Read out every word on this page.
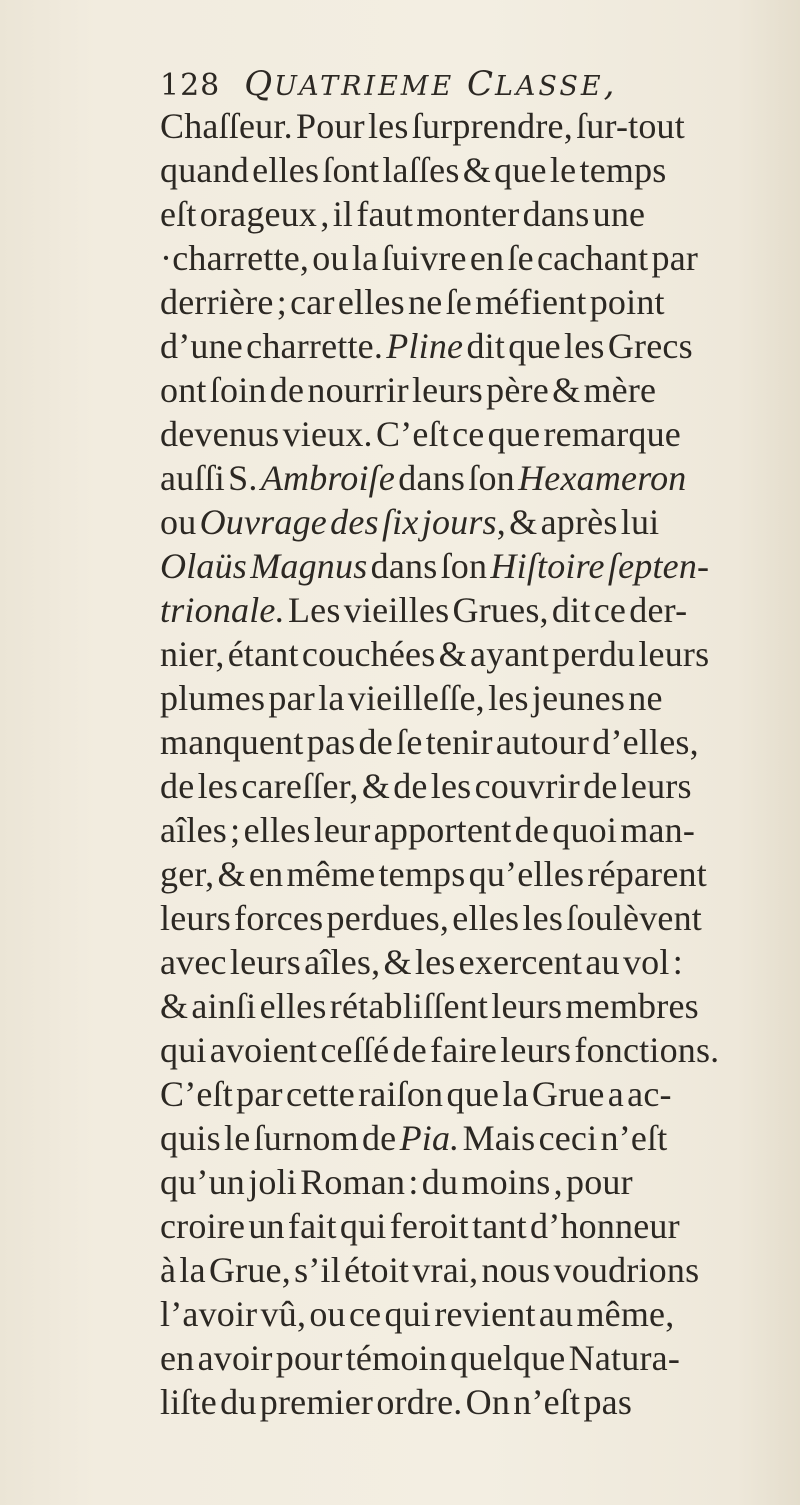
128 QUATRIEME CLASSE,
Chaſſeur. Pour les ſurprendre, ſur-tout
quand elles ſont laſſes & que le temps
eſt orageux , il faut monter dans une
·charrette, ou la ſuivre en ſe cachant par
derrière ; car elles ne ſe méfient point
d’une charrette. Pline dit que les Grecs
ont ſoin de nourrir leurs père & mère
devenus vieux. C’eſt ce que remarque
auſſi S. Ambroiſe dans ſon Hexameron
ou Ouvrage des ſix jours, & après lui
Olaüs Magnus dans ſon Hiſtoire ſepten-
trionale. Les vieilles Grues, dit ce der-
nier, étant couchées & ayant perdu leurs
plumes par la vieilleſſe, les jeunes ne
manquent pas de ſe tenir autour d’elles,
de les careſſer, & de les couvrir de leurs
aîles ; elles leur apportent de quoi man-
ger, & en même temps qu’elles réparent
leurs forces perdues, elles les ſoulèvent
avec leurs aîles, & les exercent au vol :
& ainſi elles rétabliſſent leurs membres
qui avoient ceſſé de faire leurs fonctions.
C’eſt par cette raiſon que la Grue a ac-
quis le ſurnom de Pia. Mais ceci n’eſt
qu’un joli Roman : du moins , pour
croire un fait qui feroit tant d’honneur
à la Grue, s’il étoit vrai, nous voudrions
l’avoir vû, ou ce qui revient au même,
en avoir pour témoin quelque Natura-
liſte du premier ordre. On n’eſt pas
